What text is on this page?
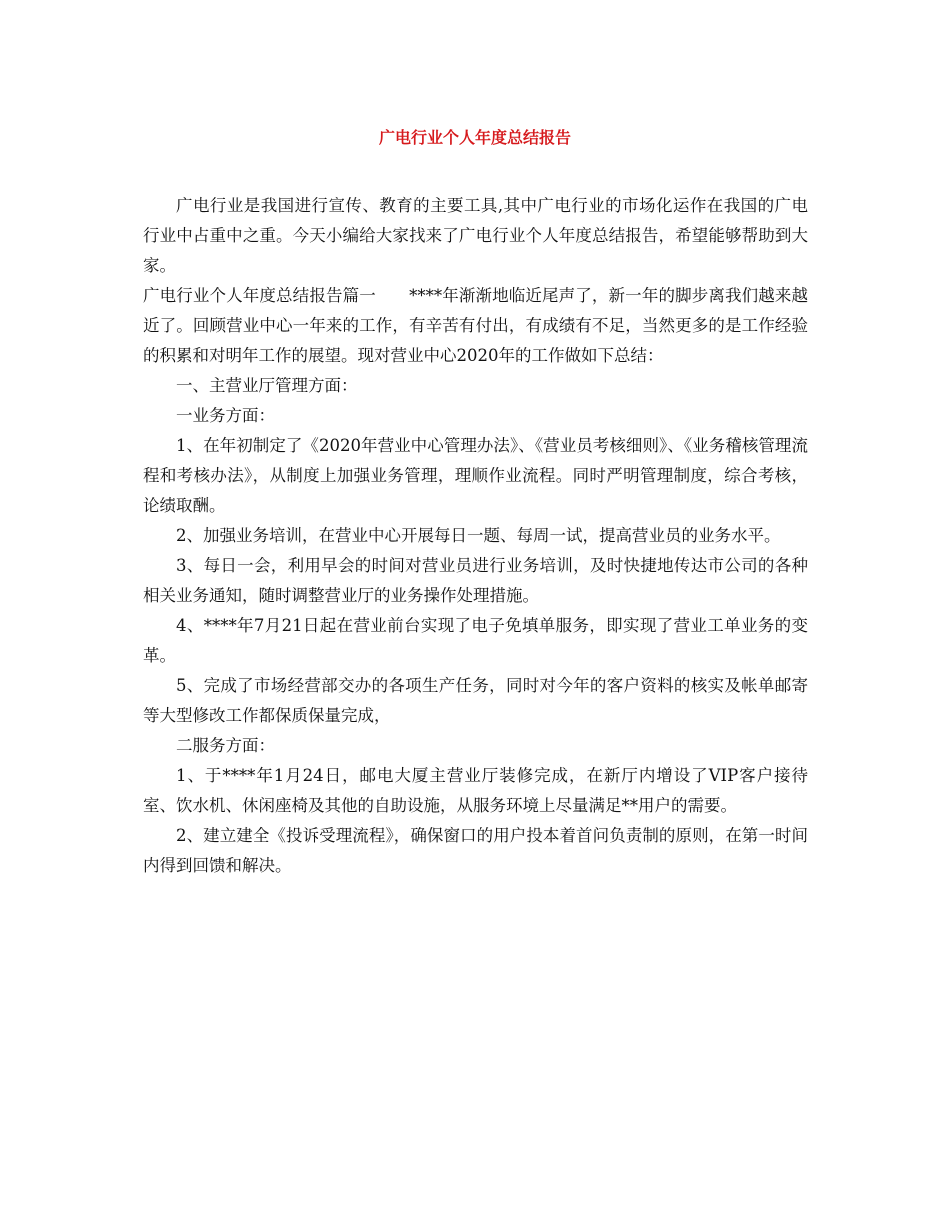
广电行业个人年度总结报告

广电行业是我国进行宣传、教育的主要工具,其中广电行业的市场化运作在我国的广电行业中占重中之重。今天小编给大家找来了广电行业个人年度总结报告，希望能够帮助到大家。

广电行业个人年度总结报告篇一　　****年渐渐地临近尾声了，新一年的脚步离我们越来越近了。回顾营业中心一年来的工作，有辛苦有付出，有成绩有不足，当然更多的是工作经验的积累和对明年工作的展望。现对营业中心2020年的工作做如下总结：

一、主营业厅管理方面：

一业务方面：

1、在年初制定了《2020年营业中心管理办法》、《营业员考核细则》、《业务稽核管理流程和考核办法》，从制度上加强业务管理，理顺作业流程。同时严明管理制度，综合考核，论绩取酬。

2、加强业务培训，在营业中心开展每日一题、每周一试，提高营业员的业务水平。

3、每日一会，利用早会的时间对营业员进行业务培训，及时快捷地传达市公司的各种相关业务通知，随时调整营业厅的业务操作处理措施。

4、****年7月21日起在营业前台实现了电子免填单服务，即实现了营业工单业务的变革。

5、完成了市场经营部交办的各项生产任务，同时对今年的客户资料的核实及帐单邮寄等大型修改工作都保质保量完成，

二服务方面：

1、于****年1月24日，邮电大厦主营业厅装修完成，在新厅内增设了VIP客户接待室、饮水机、休闲座椅及其他的自助设施，从服务环境上尽量满足**用户的需要。

2、建立建全《投诉受理流程》，确保窗口的用户投本着首问负责制的原则，在第一时间内得到回馈和解决。
